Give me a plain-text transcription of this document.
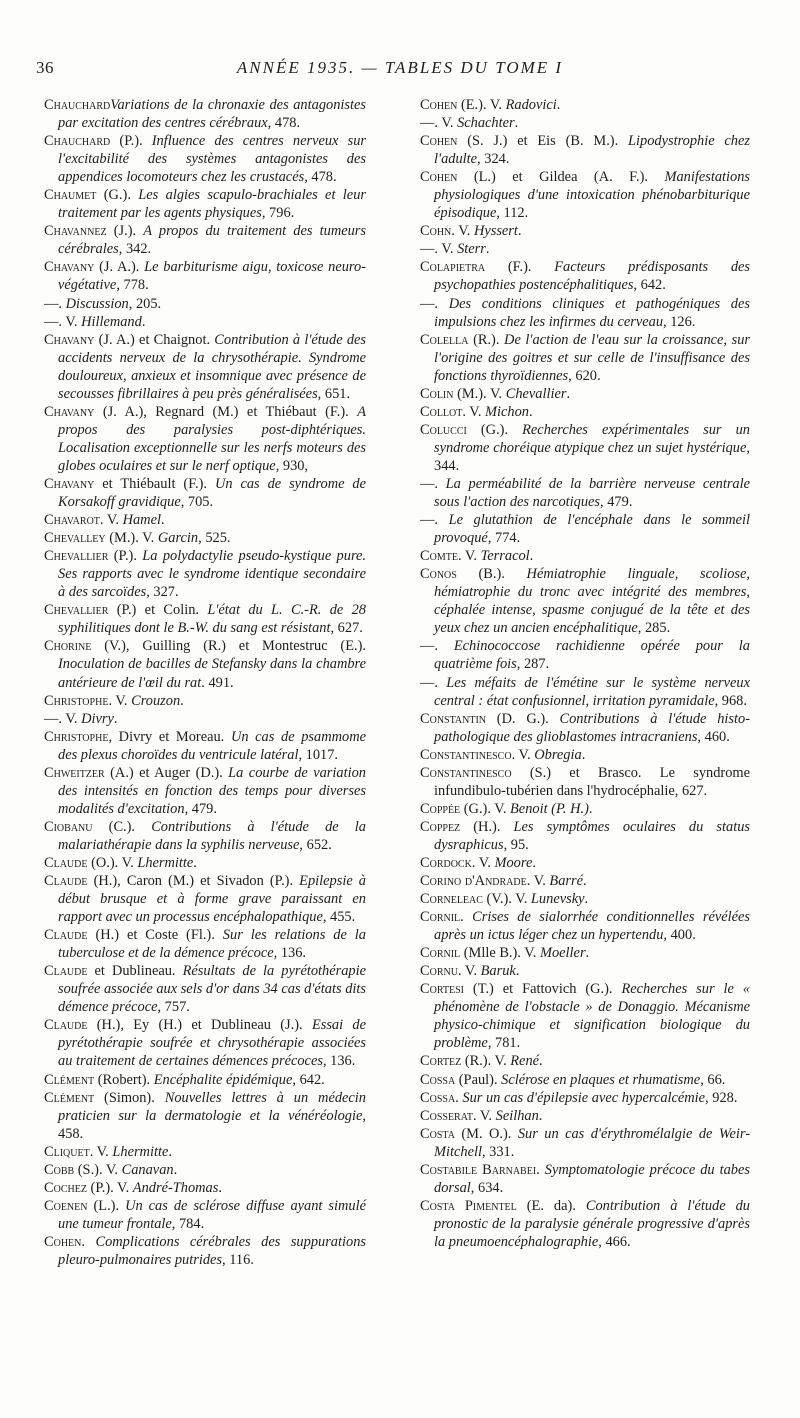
36	ANNÉE 1935. — TABLES DU TOME I

ChauchardVariations de la chronaxie des antagonistes par excitation des centres cérébraux, 478.

Chauchard (P.). Influence des centres nerveux sur l'excitabilité des systèmes antagonistes des appendices locomoteurs chez les crustacés, 478.

Chaumet (G.). Les algies scapulo-brachiales et leur traitement par les agents physiques, 796.

Chavannez (J.). A propos du traitement des tumeurs cérébrales, 342.

Chavany (J. A.). Le barbiturisme aigu, toxicose neuro-végétative, 778.

—. Discussion, 205.

—. V. Hillemand.

Chavany (J. A.) et Chaignot. Contribution à l'étude des accidents nerveux de la chrysothérapie. Syndrome douloureux, anxieux et insomnique avec présence de secousses fibrillaires à peu près généralisées, 651.

Chavany (J. A.), Regnard (M.) et Thiébaut (F.). A propos des paralysies post-diphtériques. Localisation exceptionnelle sur les nerfs moteurs des globes oculaires et sur le nerf optique, 930,

Chavany et Thiébault (F.). Un cas de syndrome de Korsakoff gravidique, 705.

Chavarot. V. Hamel.

Chevalley (M.). V. Garcin, 525.

Chevallier (P.). La polydactylie pseudo-kystique pure. Ses rapports avec le syndrome identique secondaire à des sarcoïdes, 327.

Chevallier (P.) et Colin. L'état du L. C.-R. de 28 syphilitiques dont le B.-W. du sang est résistant, 627.

Chorine (V.), Guilling (R.) et Montestruc (E.). Inoculation de bacilles de Stefansky dans la chambre antérieure de l'œil du rat. 491.

Christophe. V. Crouzon.

—. V. Divry.

Christophe, Divry et Moreau. Un cas de psammome des plexus choroïdes du ventricule latéral, 1017.

Chweitzer (A.) et Auger (D.). La courbe de variation des intensités en fonction des temps pour diverses modalités d'excitation, 479.

Ciobanu (C.). Contributions à l'étude de la malariathérapie dans la syphilis nerveuse, 652.

Claude (O.). V. Lhermitte.

Claude (H.), Caron (M.) et Sivadon (P.). Epilepsie à début brusque et à forme grave paraissant en rapport avec un processus encéphalopathique, 455.

Claude (H.) et Coste (Fl.). Sur les relations de la tuberculose et de la démence précoce, 136.

Claude et Dublineau. Résultats de la pyrétothérapie soufrée associée aux sels d'or dans 34 cas d'états dits démence précoce, 757.

Claude (H.), Ey (H.) et Dublineau (J.). Essai de pyrétothérapie soufrée et chrysothérapie associées au traitement de certaines démences précoces, 136.

Clément (Robert). Encéphalite épidémique, 642.

Clément (Simon). Nouvelles lettres à un médecin praticien sur la dermatologie et la vénéréologie, 458.

Cliquet. V. Lhermitte.

Cobb (S.). V. Canavan.

Cochez (P.). V. André-Thomas.

Coenen (L.). Un cas de sclérose diffuse ayant simulé une tumeur frontale, 784.

Cohen. Complications cérébrales des suppurations pleuro-pulmonaires putrides, 116.

Cohen (E.). V. Radovici.

—. V. Schachter.

Cohen (S. J.) et Eis (B. M.). Lipodystrophie chez l'adulte, 324.

Cohen (L.) et Gildea (A. F.). Manifestations physiologiques d'une intoxication phénobarbiturique épisodique, 112.

Cohn. V. Hyssert.

—. V. Sterr.

Colapietra (F.). Facteurs prédisposants des psychopathies postencéphalitiques, 642.

—. Des conditions cliniques et pathogéniques des impulsions chez les infirmes du cerveau, 126.

Colella (R.). De l'action de l'eau sur la croissance, sur l'origine des goitres et sur celle de l'insuffisance des fonctions thyroïdiennes, 620.

Colin (M.). V. Chevallier.

Collot. V. Michon.

Colucci (G.). Recherches expérimentales sur un syndrome choréique atypique chez un sujet hystérique, 344.

—. La perméabilité de la barrière nerveuse centrale sous l'action des narcotiques, 479.

—. Le glutathion de l'encéphale dans le sommeil provoqué, 774.

Comte. V. Terracol.

Conos (B.). Hémiatrophie linguale, scoliose, hémiatrophie du tronc avec intégrité des membres, céphalée intense, spasme conjugué de la tête et des yeux chez un ancien encéphalitique, 285.

—. Echinococcose rachidienne opérée pour la quatrième fois, 287.

—. Les méfaits de l'émétine sur le système nerveux central : état confusionnel, irritation pyramidale, 968.

Constantin (D. G.). Contributions à l'étude histo-pathologique des glioblastomes intracraniens, 460.

Constantinesco. V. Obregia.

Constantinesco (S.) et Brasco. Le syndrome infundibulo-tubérien dans l'hydrocéphalie, 627.

Coppée (G.). V. Benoit (P. H.).

Coppez (H.). Les symptômes oculaires du status dysraphicus, 95.

Cordock. V. Moore.

Corino d'Andrade. V. Barré.

Corneleac (V.). V. Lunevsky.

Cornil. Crises de sialorrhée conditionnelles révélées après un ictus léger chez un hypertendu, 400.

Cornil (Mlle B.). V. Moeller.

Cornu. V. Baruk.

Cortesi (T.) et Fattovich (G.). Recherches sur le « phénomène de l'obstacle » de Donaggio. Mécanisme physico-chimique et signification biologique du problème, 781.

Cortez (R.). V. René.

Cossa (Paul). Sclérose en plaques et rhumatisme, 66.

Cossa. Sur un cas d'épilepsie avec hypercalcémie, 928.

Cosserat. V. Seilhan.

Costa (M. O.). Sur un cas d'érythromélalgie de Weir-Mitchell, 331.

Costabile Barnabei. Symptomatologie précoce du tabes dorsal, 634.

Costa Pimentel (E. da). Contribution à l'étude du pronostic de la paralysie générale progressive d'après la pneumoencéphalographie, 466.
